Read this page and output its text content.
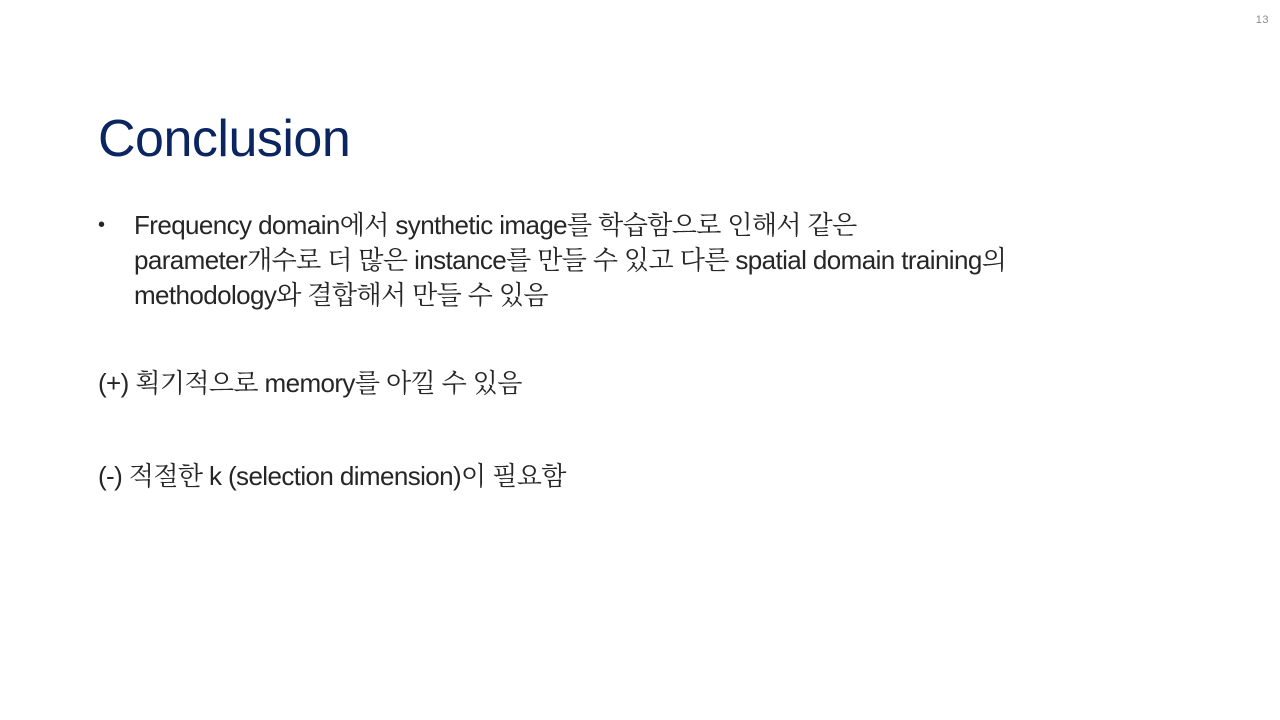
13
Conclusion
•	Frequency domain에서 synthetic image를 학습함으로 인해서 같은
parameter개수로 더 많은 instance를 만들 수 있고 다른 spatial domain training의
methodology와 결합해서 만들 수 있음
(+) 획기적으로 memory를 아낄 수 있음
(-) 적절한 k (selection dimension)이 필요함
